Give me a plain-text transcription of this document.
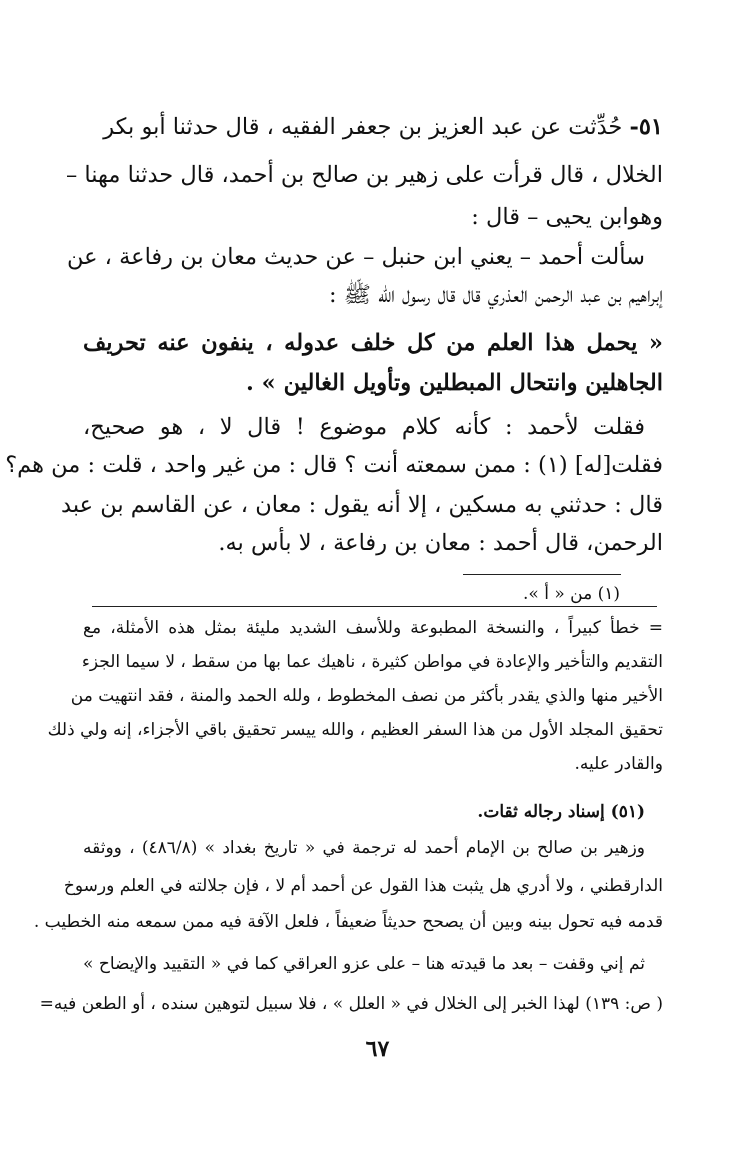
٥١- حُدِّثت عن عبد العزيز بن جعفر الفقيه ، قال حدثنا أبو بكر
الخلال ، قال قرأت على زهير بن صالح بن أحمد، قال حدثنا مهنا –
وهوابن يحيى – قال :
سألت أحمد – يعني ابن حنبل – عن حديث معان بن رفاعة ، عن
إبراهيم بن عبد الرحمن العذري قال قال رسول الله ﷺ :
« يحمل هذا العلم من كل خلف عدوله ، ينفون عنه تحريف
الجاهلين وانتحال المبطلين وتأويل الغالين » .
فقلت لأحمد : كأنه كلام موضوع ! قال لا ، هو صحيح،
فقلت[له] (١) : ممن سمعته أنت ؟ قال : من غير واحد ، قلت : من هم؟
قال : حدثني به مسكين ، إلا أنه يقول : معان ، عن القاسم بن عبد
الرحمن، قال أحمد : معان بن رفاعة ، لا بأس به.
(١) من « أ ».
= خطأ كبيراً ، والنسخة المطبوعة وللأسف الشديد مليئة بمثل هذه الأمثلة، مع
التقديم والتأخير والإعادة في مواطن كثيرة ، ناهيك عما بها من سقط ، لا سيما الجزء
الأخير منها والذي يقدر بأكثر من نصف المخطوط ، ولله الحمد والمنة ، فقد انتهيت من
تحقيق المجلد الأول من هذا السفر العظيم ، والله ييسر تحقيق باقي الأجزاء، إنه ولي ذلك
والقادر عليه.
(٥١) إسناد رجاله ثقات.
وزهير بن صالح بن الإمام أحمد له ترجمة في « تاريخ بغداد » (٤٨٦/٨) ، ووثقه
الدارقطني ، ولا أدري هل يثبت هذا القول عن أحمد أم لا ، فإن جلالته في العلم ورسوخ
قدمه فيه تحول بينه وبين أن يصحح حديثاً ضعيفاً ، فلعل الآفة فيه ممن سمعه منه الخطيب .
ثم إني وقفت – بعد ما قيدته هنا – على عزو العراقي كما في « التقييد والإيضاح »
( ص: ١٣٩) لهذا الخبر إلى الخلال في « العلل » ، فلا سبيل لتوهين سنده ، أو الطعن فيه=
٦٧
